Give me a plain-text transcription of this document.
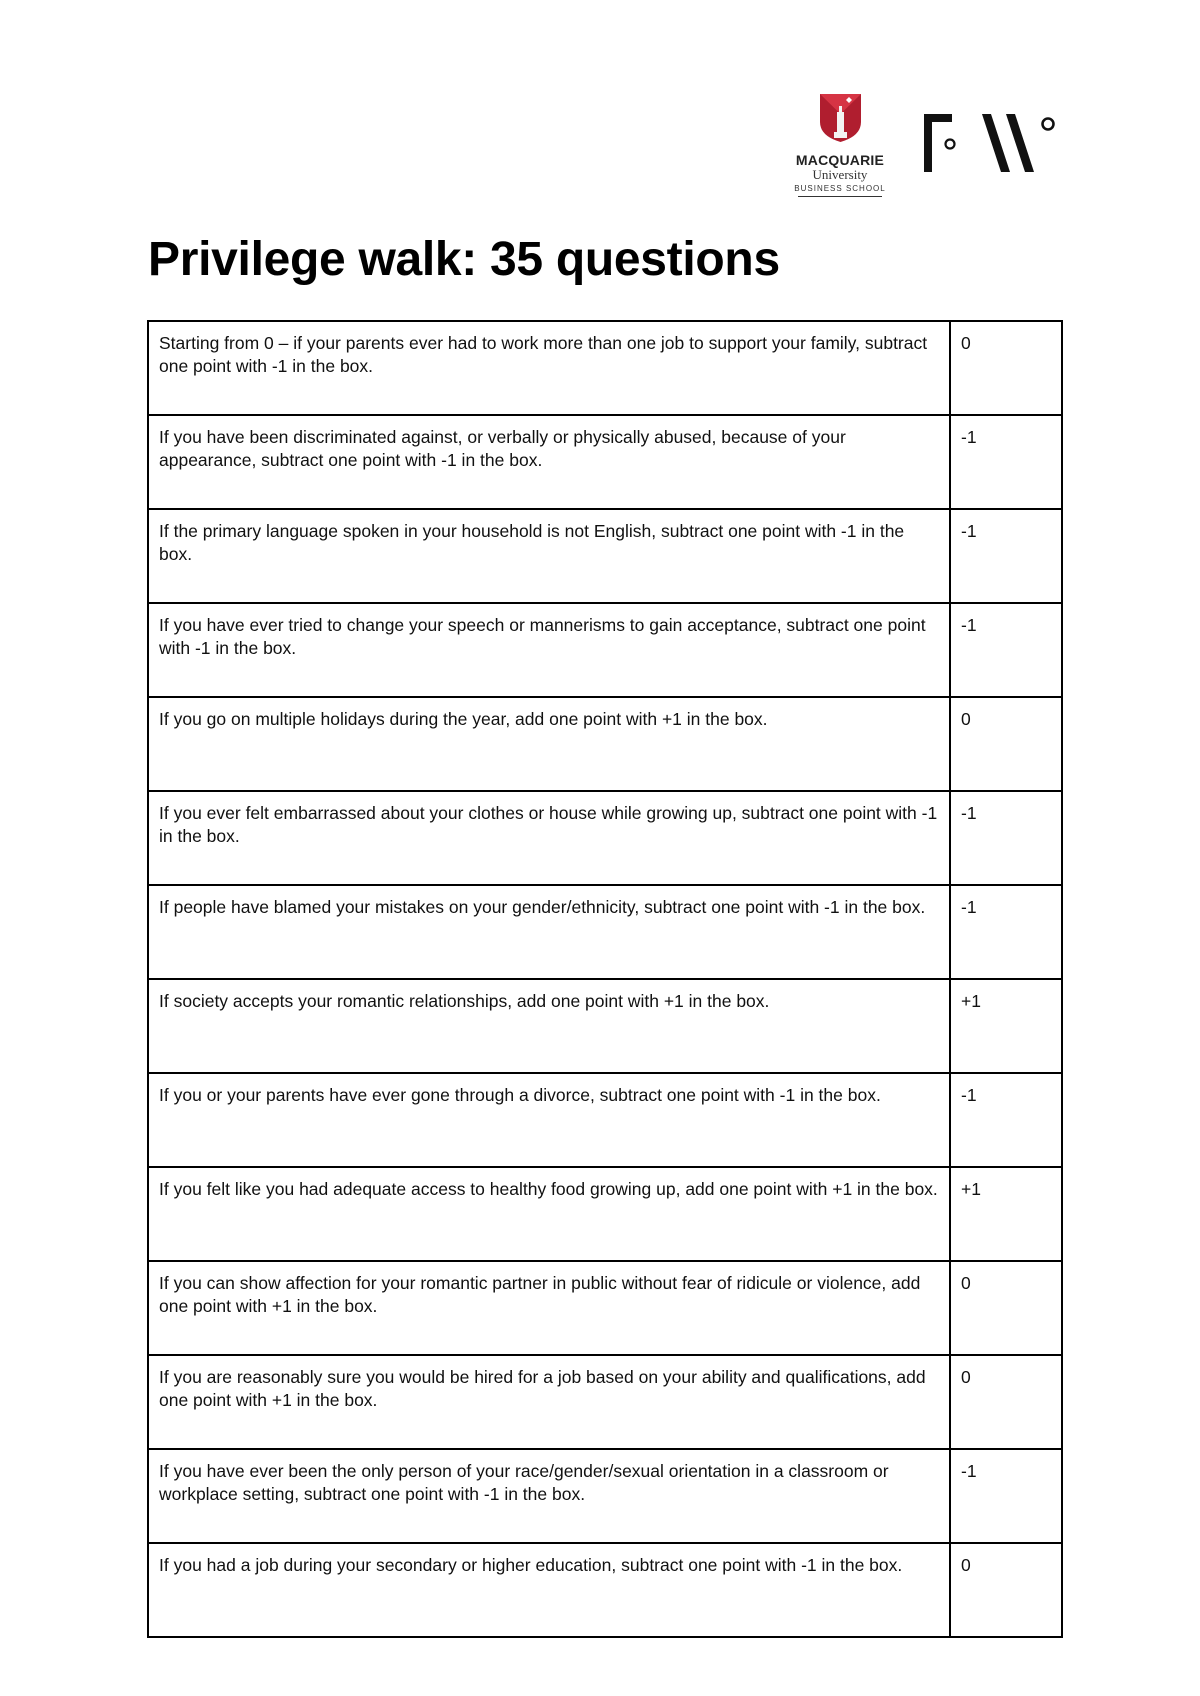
MACQUARIE
University
BUSINESS SCHOOL
Privilege walk: 35 questions
Starting from 0 – if your parents ever had to work more than one job to support your family, subtract one point with -1 in the box.	0
If you have been discriminated against, or verbally or physically abused, because of your appearance, subtract one point with -1 in the box.	-1
If the primary language spoken in your household is not English, subtract one point with -1 in the box.	-1
If you have ever tried to change your speech or mannerisms to gain acceptance, subtract one point with -1 in the box.	-1
If you go on multiple holidays during the year, add one point with +1 in the box.	0
If you ever felt embarrassed about your clothes or house while growing up, subtract one point with -1 in the box.	-1
If people have blamed your mistakes on your gender/ethnicity, subtract one point with -1 in the box.	-1
If society accepts your romantic relationships, add one point with +1 in the box.	+1
If you or your parents have ever gone through a divorce, subtract one point with -1 in the box.	-1
If you felt like you had adequate access to healthy food growing up, add one point with +1 in the box.	+1
If you can show affection for your romantic partner in public without fear of ridicule or violence, add one point with +1 in the box.	0
If you are reasonably sure you would be hired for a job based on your ability and qualifications, add one point with +1 in the box.	0
If you have ever been the only person of your race/gender/sexual orientation in a classroom or workplace setting, subtract one point with -1 in the box.	-1
If you had a job during your secondary or higher education, subtract one point with -1 in the box.	0
